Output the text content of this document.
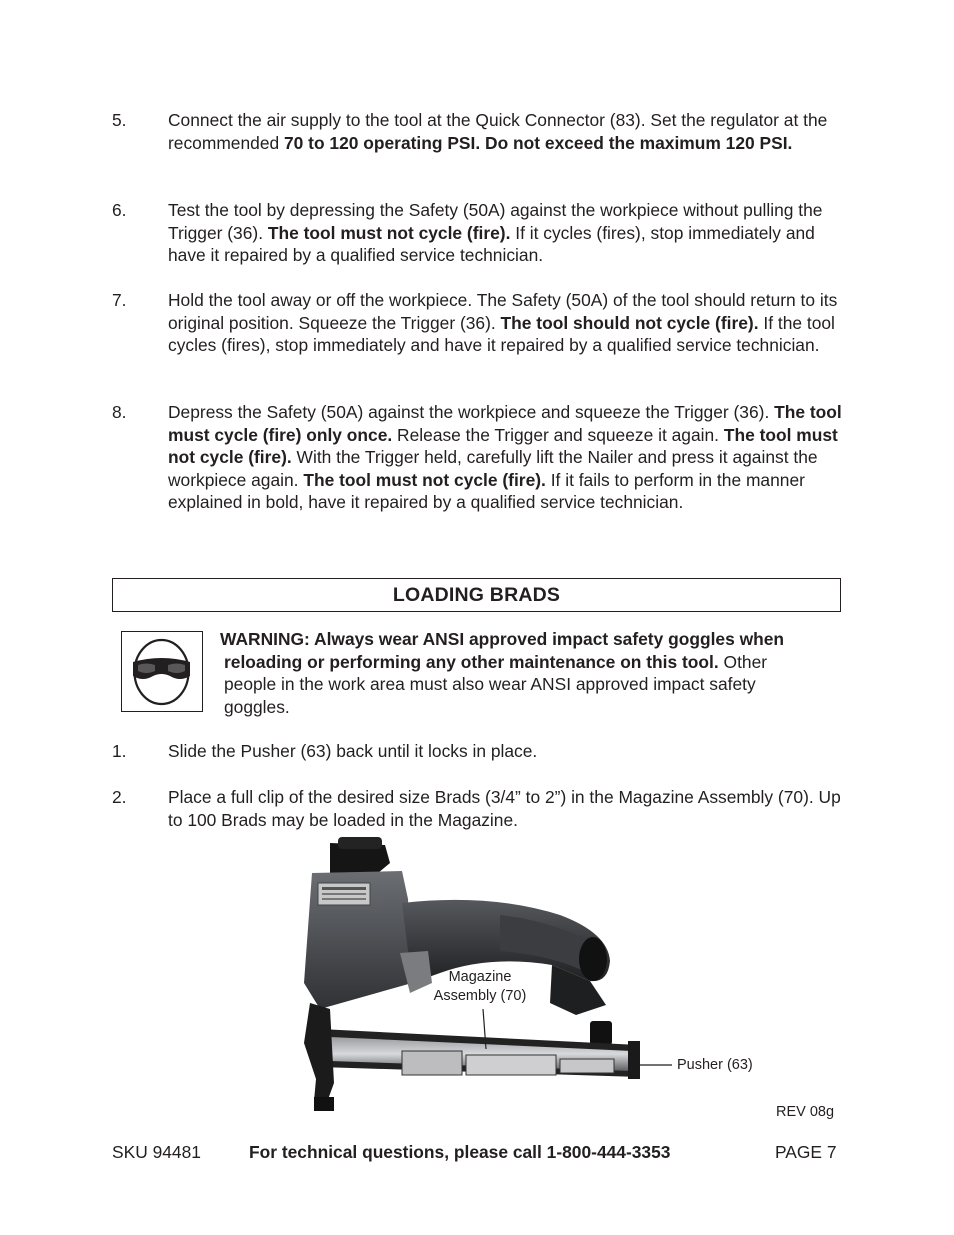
5. Connect the air supply to the tool at the Quick Connector (83). Set the regulator at the recommended 70 to 120 operating PSI. Do not exceed the maximum 120 PSI.
6. Test the tool by depressing the Safety (50A) against the workpiece without pulling the Trigger (36). The tool must not cycle (fire). If it cycles (fires), stop immediately and have it repaired by a qualified service technician.
7. Hold the tool away or off the workpiece. The Safety (50A) of the tool should return to its original position. Squeeze the Trigger (36). The tool should not cycle (fire). If the tool cycles (fires), stop immediately and have it repaired by a qualified service technician.
8. Depress the Safety (50A) against the workpiece and squeeze the Trigger (36). The tool must cycle (fire) only once. Release the Trigger and squeeze it again. The tool must not cycle (fire). With the Trigger held, carefully lift the Nailer and press it against the workpiece again. The tool must not cycle (fire). If it fails to perform in the manner explained in bold, have it repaired by a qualified service technician.
LOADING BRADS
WARNING: Always wear ANSI approved impact safety goggles when
reloading or performing any other maintenance on this tool. Other
people in the work area must also wear ANSI approved impact safety
goggles.
1. Slide the Pusher (63) back until it locks in place.
2. Place a full clip of the desired size Brads (3/4” to 2”) in the Magazine Assembly (70). Up to 100 Brads may be loaded in the Magazine.
Magazine
Assembly (70)
Pusher (63)
REV 08g
SKU 94481	For technical questions, please call 1-800-444-3353	PAGE 7
